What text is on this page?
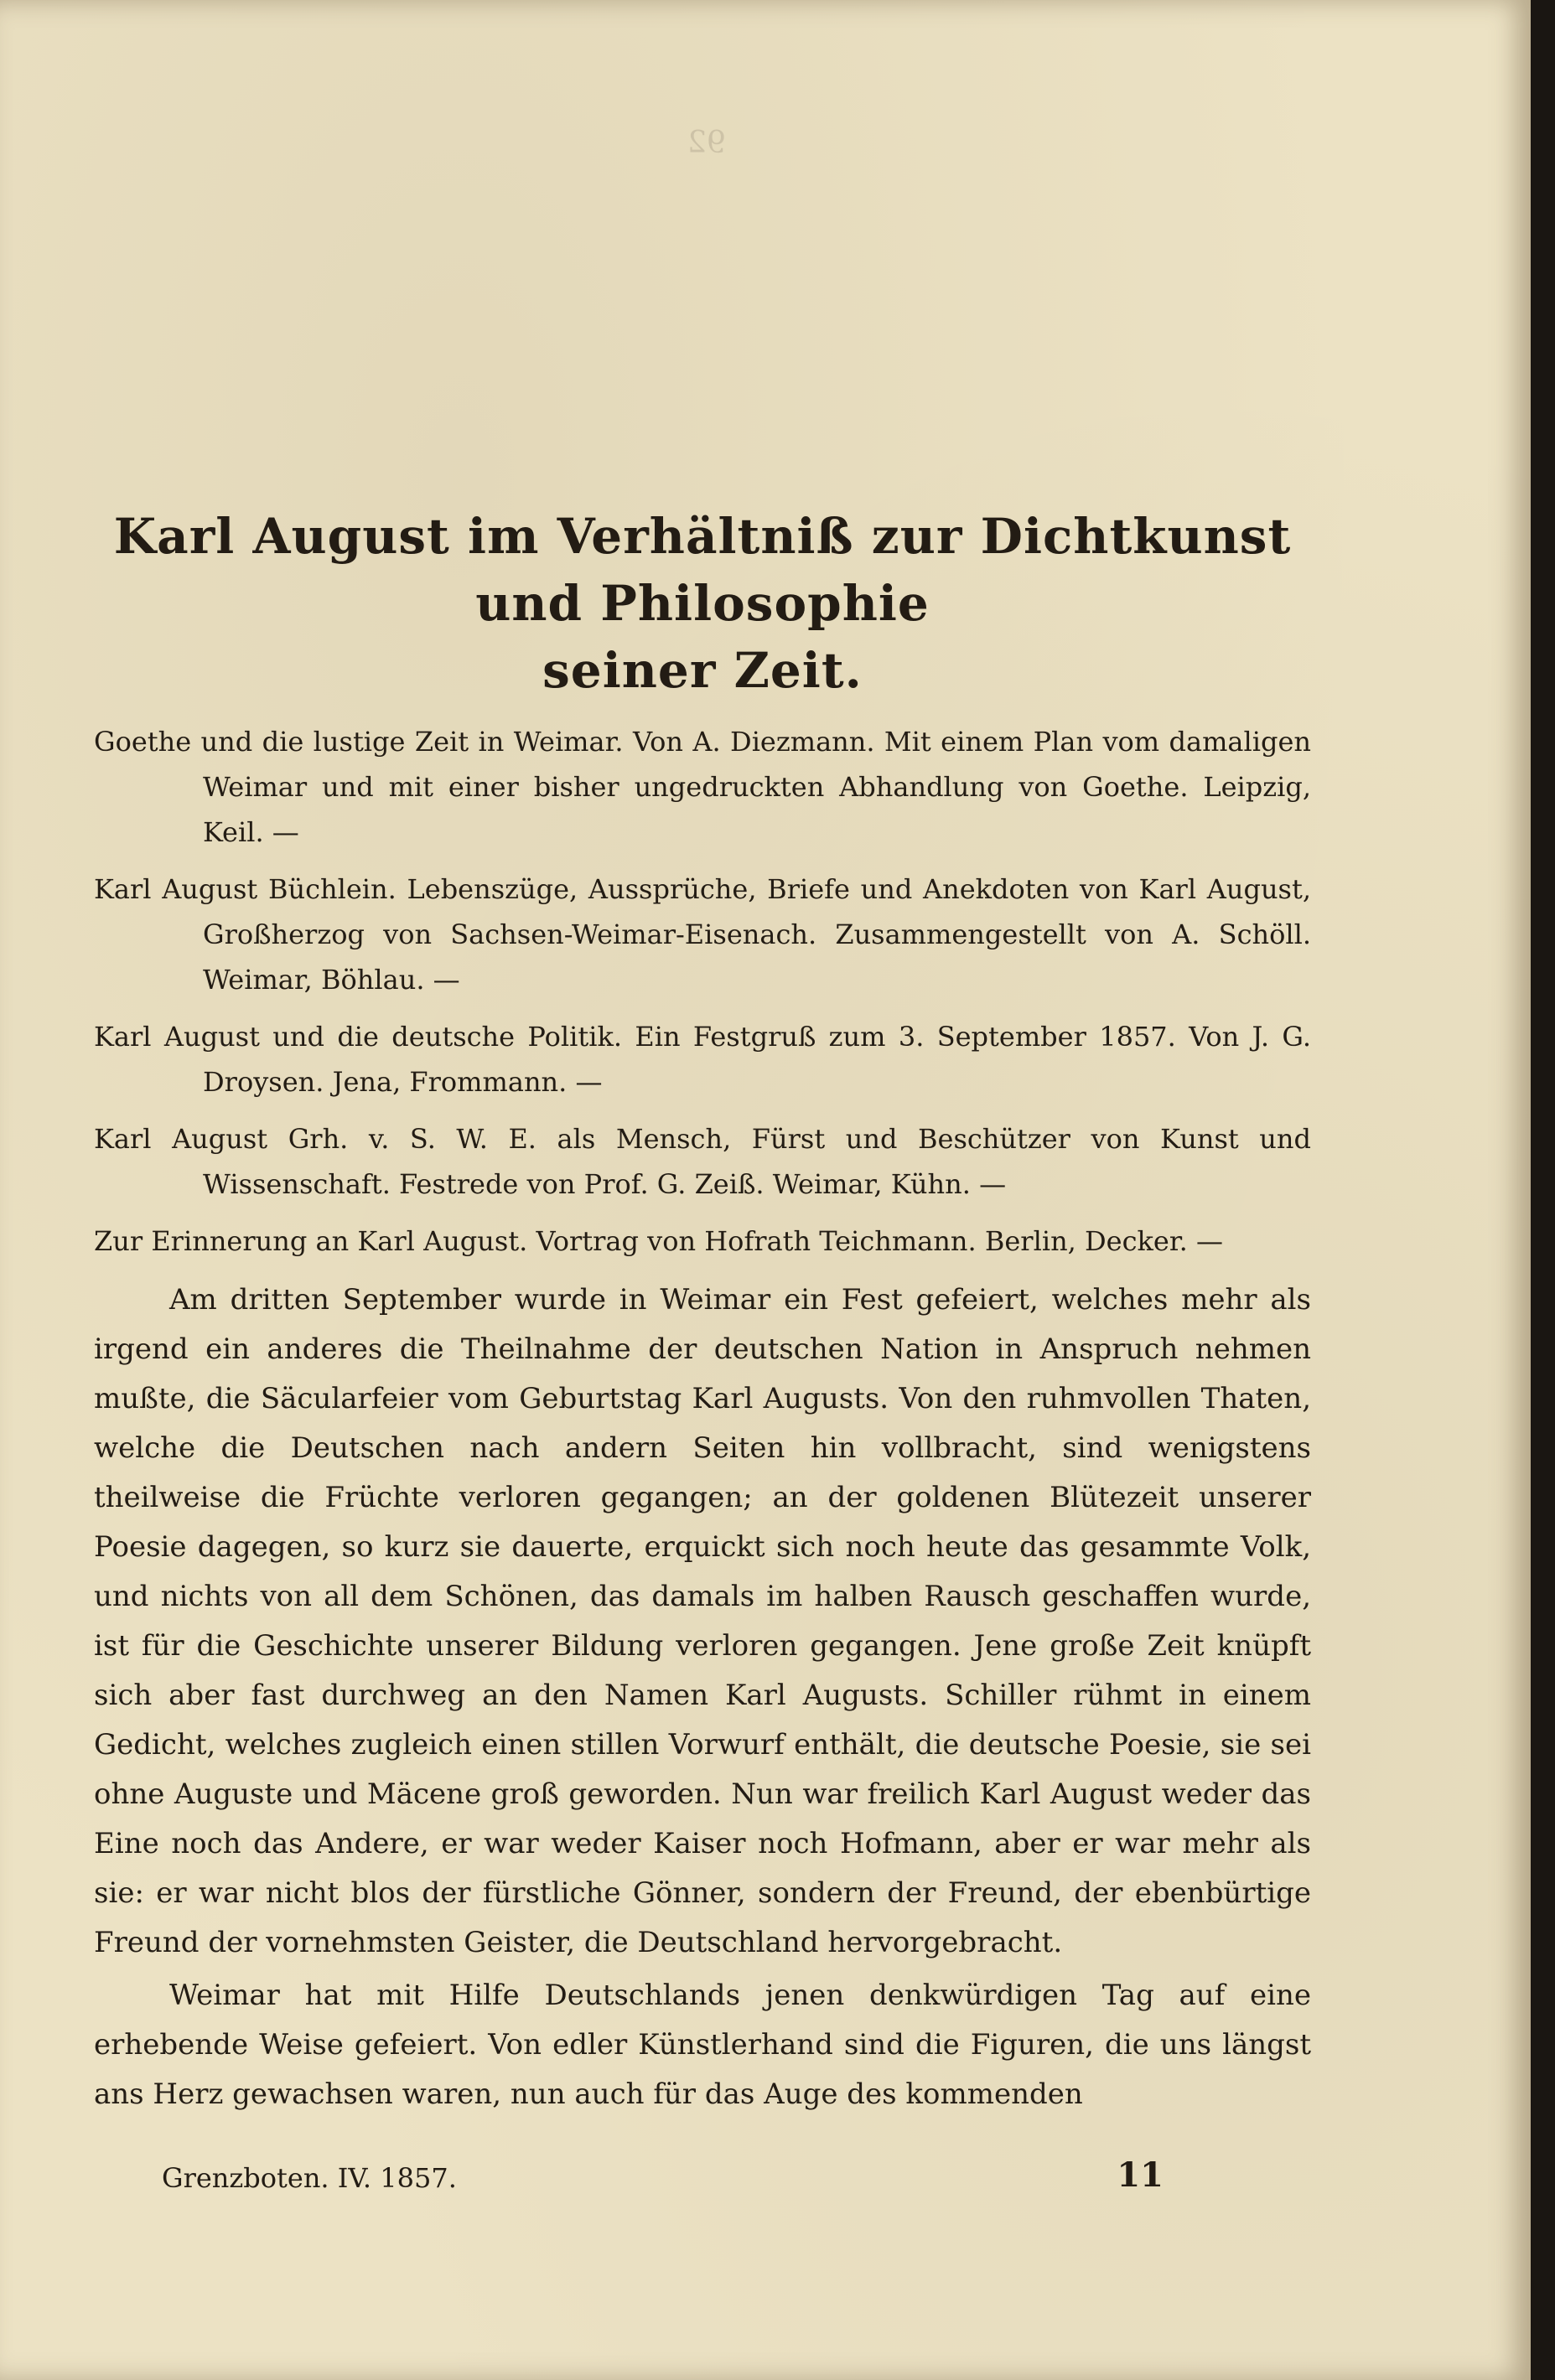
92
Karl August im Verhältniß zur Dichtkunst und Philosophie
seiner Zeit.
Goethe und die lustige Zeit in Weimar. Von A. Diezmann. Mit einem Plan vom damaligen Weimar und mit einer bisher ungedruckten Abhandlung von Goethe. Leipzig, Keil. —
Karl August Büchlein. Lebenszüge, Aussprüche, Briefe und Anekdoten von Karl August, Großherzog von Sachsen-Weimar-Eisenach. Zusammengestellt von A. Schöll. Weimar, Böhlau. —
Karl August und die deutsche Politik. Ein Festgruß zum 3. September 1857. Von J. G. Droysen. Jena, Frommann. —
Karl August Grh. v. S. W. E. als Mensch, Fürst und Beschützer von Kunst und Wissenschaft. Festrede von Prof. G. Zeiß. Weimar, Kühn. —
Zur Erinnerung an Karl August. Vortrag von Hofrath Teichmann. Berlin, Decker. —

Am dritten September wurde in Weimar ein Fest gefeiert, welches mehr als irgend ein anderes die Theilnahme der deutschen Nation in Anspruch nehmen mußte, die Säcularfeier vom Geburtstag Karl Augusts. Von den ruhmvollen Thaten, welche die Deutschen nach andern Seiten hin vollbracht, sind wenigstens theilweise die Früchte verloren gegangen; an der goldenen Blütezeit unserer Poesie dagegen, so kurz sie dauerte, erquickt sich noch heute das gesammte Volk, und nichts von all dem Schönen, das damals im halben Rausch geschaffen wurde, ist für die Geschichte unserer Bildung verloren gegangen. Jene große Zeit knüpft sich aber fast durchweg an den Namen Karl Augusts. Schiller rühmt in einem Gedicht, welches zugleich einen stillen Vorwurf enthält, die deutsche Poesie, sie sei ohne Auguste und Mäcene groß geworden. Nun war freilich Karl August weder das Eine noch das Andere, er war weder Kaiser noch Hofmann, aber er war mehr als sie: er war nicht blos der fürstliche Gönner, sondern der Freund, der ebenbürtige Freund der vornehmsten Geister, die Deutschland hervorgebracht.

Weimar hat mit Hilfe Deutschlands jenen denkwürdigen Tag auf eine erhebende Weise gefeiert. Von edler Künstlerhand sind die Figuren, die uns längst ans Herz gewachsen waren, nun auch für das Auge des kommenden

Grenzboten. IV. 1857.	11
